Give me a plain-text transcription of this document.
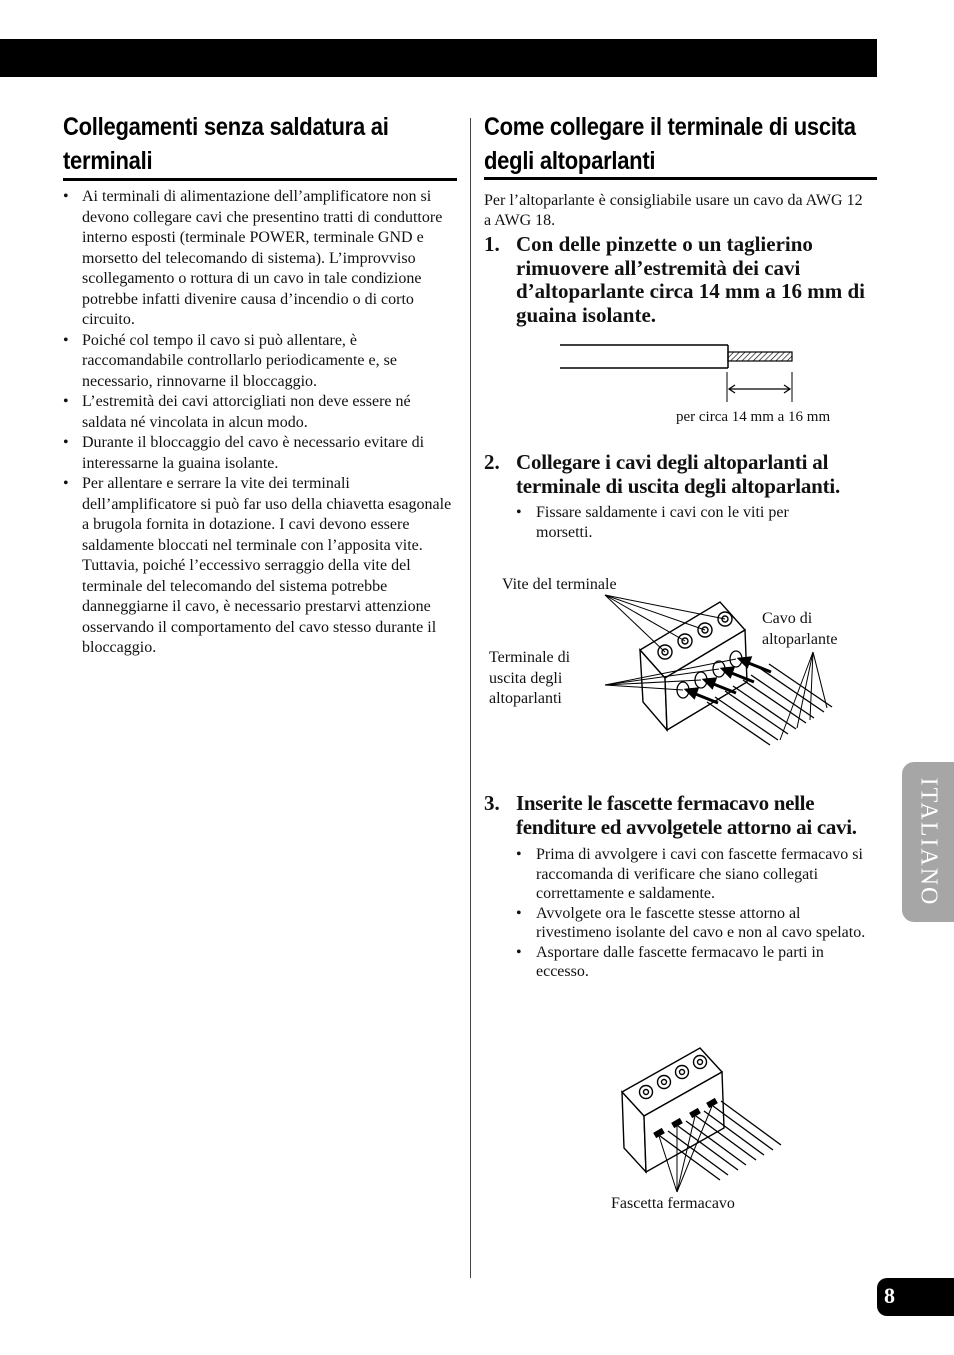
Collegamenti senza saldatura ai terminali
• Ai terminali di alimentazione dell’amplificatore non si devono collegare cavi che presentino tratti di conduttore interno esposti (terminale POWER, terminale GND e morsetto del telecomando di sistema). L’improvviso scollegamento o rottura di un cavo in tale condizione potrebbe infatti divenire causa d’incendio o di corto circuito.
• Poiché col tempo il cavo si può allentare, è raccomandabile controllarlo periodicamente e, se necessario, rinnovarne il bloccaggio.
• L’estremità dei cavi attorcigliati non deve essere né saldata né vincolata in alcun modo.
• Durante il bloccaggio del cavo è necessario evitare di interessarne la guaina isolante.
• Per allentare e serrare la vite dei terminali dell’amplificatore si può far uso della chiavetta esagonale a brugola fornita in dotazione. I cavi devono essere saldamente bloccati nel terminale con l’apposita vite. Tuttavia, poiché l’eccessivo serraggio della vite del terminale del telecomando del sistema potrebbe danneggiarne il cavo, è necessario prestarvi attenzione osservando il comportamento del cavo stesso durante il bloccaggio.
Come collegare il terminale di uscita degli altoparlanti

Per l’altoparlante è consigliabile usare un cavo da AWG 12 a AWG 18.

1. Con delle pinzette o un taglierino rimuovere all’estremità dei cavi d’altoparlante circa 14 mm a 16 mm di guaina isolante.
per circa 14 mm a 16 mm
2. Collegare i cavi degli altoparlanti al terminale di uscita degli altoparlanti.
• Fissare saldamente i cavi con le viti per morsetti.
Vite del terminale
Cavo di altoparlante
Terminale di uscita degli altoparlanti
3. Inserite le fascette fermacavo nelle fenditure ed avvolgetele attorno ai cavi.
• Prima di avvolgere i cavi con fascette fermacavo si raccomanda di verificare che siano collegati correttamente e saldamente.
• Avvolgete ora le fascette stesse attorno al rivestimeno isolante del cavo e non al cavo spelato.
• Asportare dalle fascette fermacavo le parti in eccesso.
Fascetta fermacavo
ITALIANO
8
